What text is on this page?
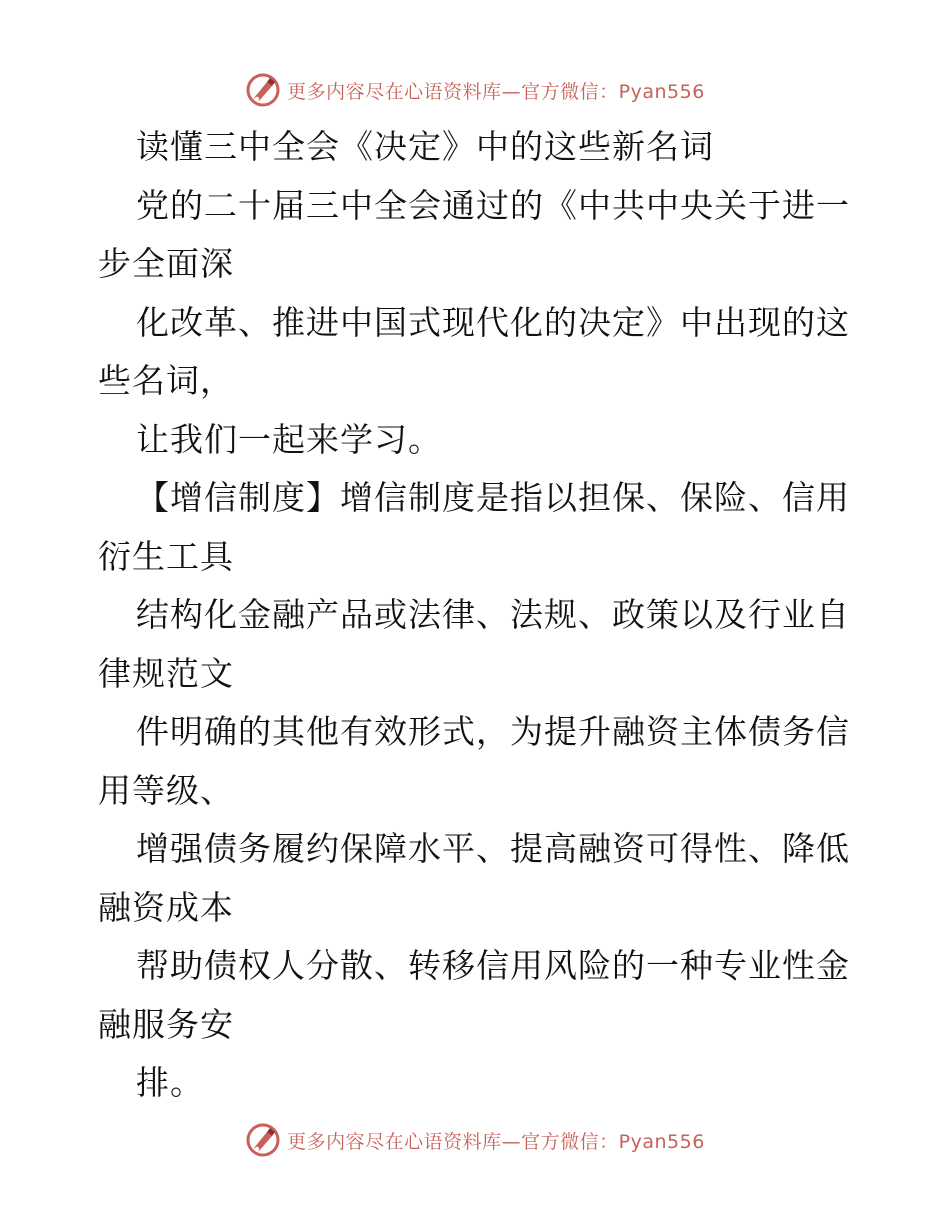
更多内容尽在心语资料库—官方微信：Pyan556

读懂三中全会《决定》中的这些新名词

党的二十届三中全会通过的《中共中央关于进一步全面深

化改革、推进中国式现代化的决定》中出现的这些名词，

让我们一起来学习。

【增信制度】增信制度是指以担保、保险、信用衍生工具

结构化金融产品或法律、法规、政策以及行业自律规范文

件明确的其他有效形式，为提升融资主体债务信用等级、

增强债务履约保障水平、提高融资可得性、降低融资成本

帮助债权人分散、转移信用风险的一种专业性金融服务安

排。

更多内容尽在心语资料库—官方微信：Pyan556
